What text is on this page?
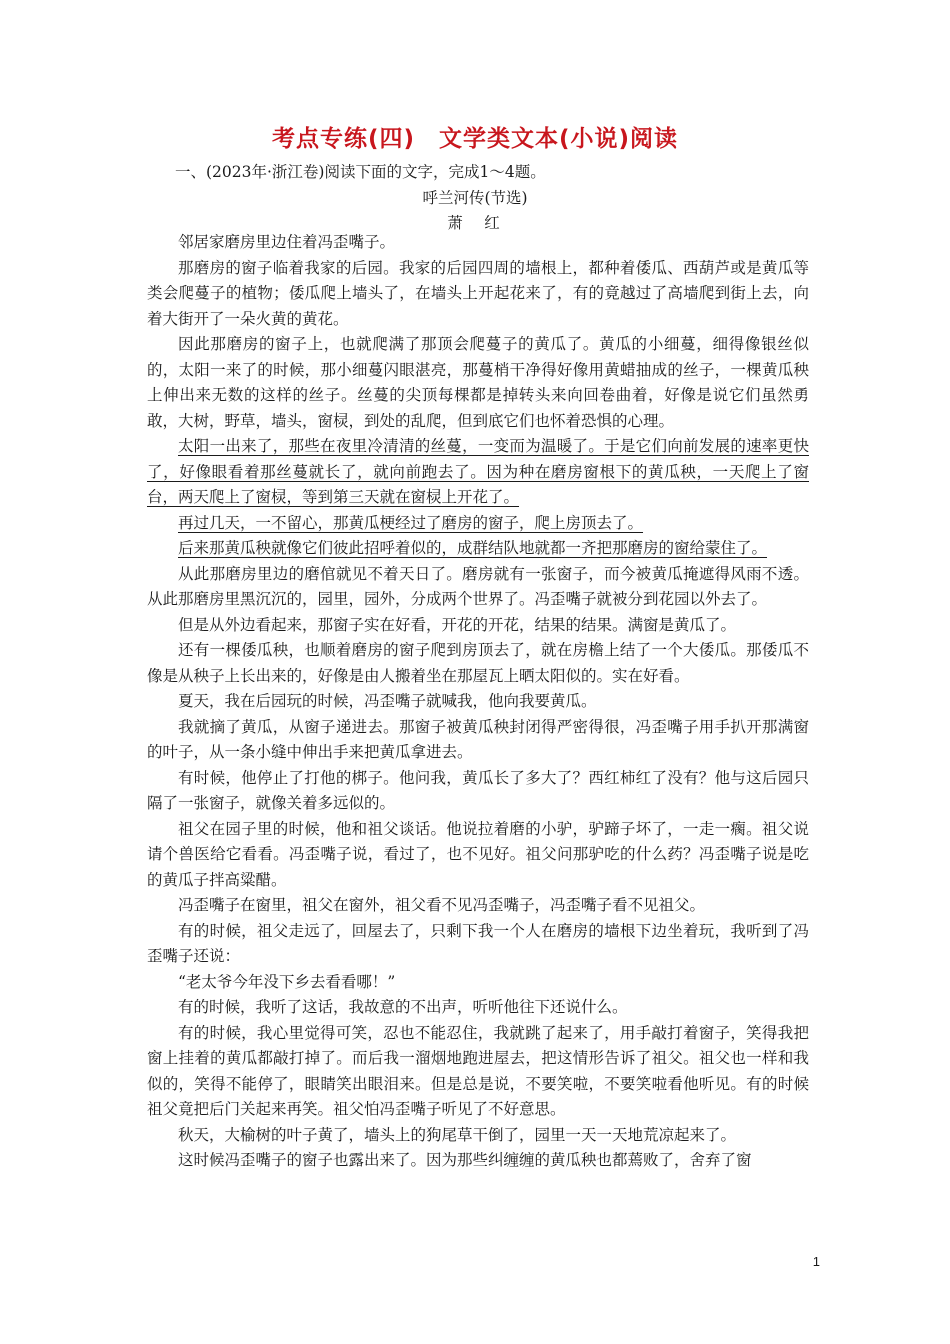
考点专练(四)　文学类文本(小说)阅读
一、(2023年·浙江卷)阅读下面的文字，完成1～4题。
呼兰河传(节选)
萧　红

邻居家磨房里边住着冯歪嘴子。

那磨房的窗子临着我家的后园。我家的后园四周的墙根上，都种着倭瓜、西葫芦或是黄瓜等类会爬蔓子的植物；倭瓜爬上墙头了，在墙头上开起花来了，有的竟越过了高墙爬到街上去，向着大街开了一朵火黄的黄花。

因此那磨房的窗子上，也就爬满了那顶会爬蔓子的黄瓜了。黄瓜的小细蔓，细得像银丝似的，太阳一来了的时候，那小细蔓闪眼湛亮，那蔓梢干净得好像用黄蜡抽成的丝子，一棵黄瓜秧上伸出来无数的这样的丝子。丝蔓的尖顶每棵都是掉转头来向回卷曲着，好像是说它们虽然勇敢，大树，野草，墙头，窗棂，到处的乱爬，但到底它们也怀着恐惧的心理。

太阳一出来了，那些在夜里冷清清的丝蔓，一变而为温暖了。于是它们向前发展的速率更快了，好像眼看着那丝蔓就长了，就向前跑去了。因为种在磨房窗根下的黄瓜秧，一天爬上了窗台，两天爬上了窗棂，等到第三天就在窗棂上开花了。

再过几天，一不留心，那黄瓜梗经过了磨房的窗子，爬上房顶去了。

后来那黄瓜秧就像它们彼此招呼着似的，成群结队地就都一齐把那磨房的窗给蒙住了。

从此那磨房里边的磨倌就见不着天日了。磨房就有一张窗子，而今被黄瓜掩遮得风雨不透。从此那磨房里黑沉沉的，园里，园外，分成两个世界了。冯歪嘴子就被分到花园以外去了。

但是从外边看起来，那窗子实在好看，开花的开花，结果的结果。满窗是黄瓜了。

还有一棵倭瓜秧，也顺着磨房的窗子爬到房顶去了，就在房檐上结了一个大倭瓜。那倭瓜不像是从秧子上长出来的，好像是由人搬着坐在那屋瓦上晒太阳似的。实在好看。

夏天，我在后园玩的时候，冯歪嘴子就喊我，他向我要黄瓜。

我就摘了黄瓜，从窗子递进去。那窗子被黄瓜秧封闭得严密得很，冯歪嘴子用手扒开那满窗的叶子，从一条小缝中伸出手来把黄瓜拿进去。

有时候，他停止了打他的梆子。他问我，黄瓜长了多大了？西红柿红了没有？他与这后园只隔了一张窗子，就像关着多远似的。

祖父在园子里的时候，他和祖父谈话。他说拉着磨的小驴，驴蹄子坏了，一走一瘸。祖父说请个兽医给它看看。冯歪嘴子说，看过了，也不见好。祖父问那驴吃的什么药？冯歪嘴子说是吃的黄瓜子拌高粱醋。

冯歪嘴子在窗里，祖父在窗外，祖父看不见冯歪嘴子，冯歪嘴子看不见祖父。

有的时候，祖父走远了，回屋去了，只剩下我一个人在磨房的墙根下边坐着玩，我听到了冯歪嘴子还说：

“老太爷今年没下乡去看看哪！”

有的时候，我听了这话，我故意的不出声，听听他往下还说什么。

有的时候，我心里觉得可笑，忍也不能忍住，我就跳了起来了，用手敲打着窗子，笑得我把窗上挂着的黄瓜都敲打掉了。而后我一溜烟地跑进屋去，把这情形告诉了祖父。祖父也一样和我似的，笑得不能停了，眼睛笑出眼泪来。但是总是说，不要笑啦，不要笑啦看他听见。有的时候祖父竟把后门关起来再笑。祖父怕冯歪嘴子听见了不好意思。

秋天，大榆树的叶子黄了，墙头上的狗尾草干倒了，园里一天一天地荒凉起来了。

这时候冯歪嘴子的窗子也露出来了。因为那些纠缠缠的黄瓜秧也都蔫败了，舍弃了窗

1
